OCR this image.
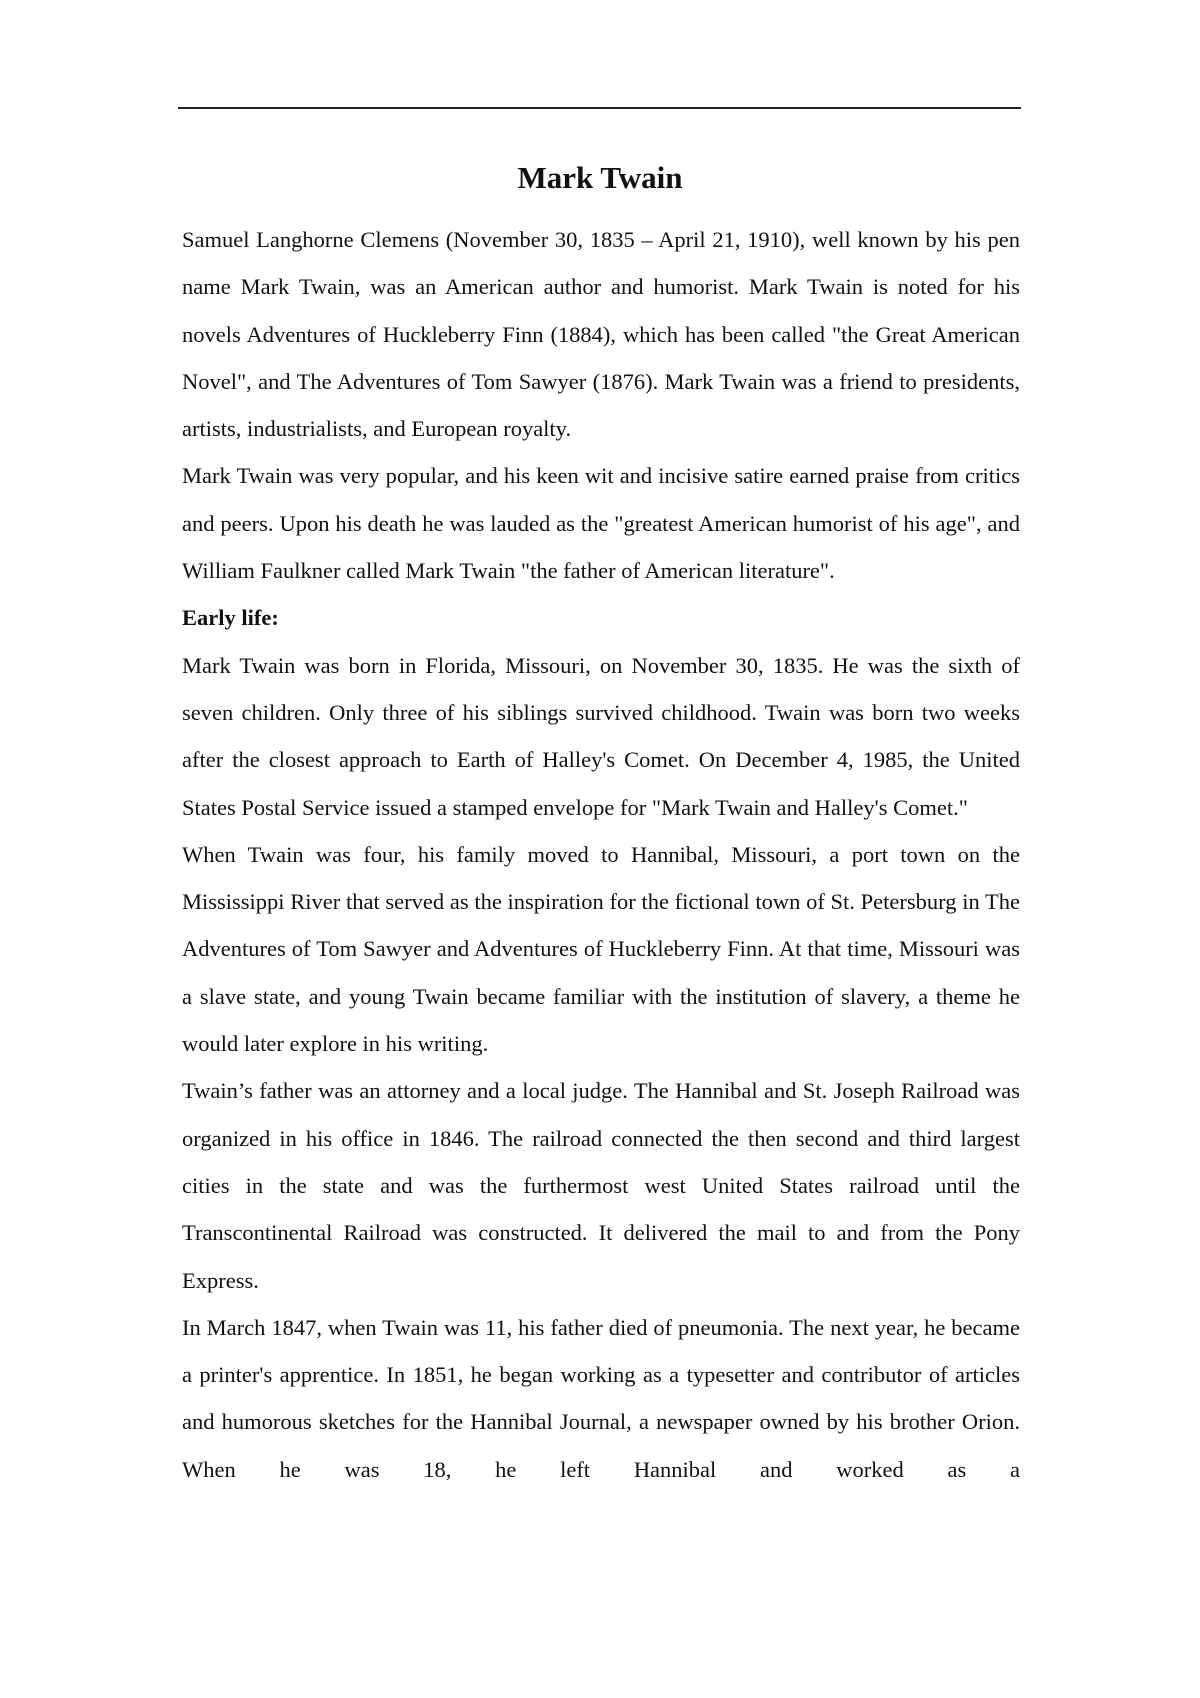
Mark Twain

Samuel Langhorne Clemens (November 30, 1835 – April 21, 1910), well known by his pen name Mark Twain, was an American author and humorist. Mark Twain is noted for his novels Adventures of Huckleberry Finn (1884), which has been called "the Great American Novel", and The Adventures of Tom Sawyer (1876). Mark Twain was a friend to presidents, artists, industrialists, and European royalty.

Mark Twain was very popular, and his keen wit and incisive satire earned praise from critics and peers. Upon his death he was lauded as the "greatest American humorist of his age", and William Faulkner called Mark Twain "the father of American literature".

Early life:

Mark Twain was born in Florida, Missouri, on November 30, 1835. He was the sixth of seven children. Only three of his siblings survived childhood. Twain was born two weeks after the closest approach to Earth of Halley's Comet. On December 4, 1985, the United States Postal Service issued a stamped envelope for "Mark Twain and Halley's Comet."

When Twain was four, his family moved to Hannibal, Missouri, a port town on the Mississippi River that served as the inspiration for the fictional town of St. Petersburg in The Adventures of Tom Sawyer and Adventures of Huckleberry Finn. At that time, Missouri was a slave state, and young Twain became familiar with the institution of slavery, a theme he would later explore in his writing.

Twain’s father was an attorney and a local judge. The Hannibal and St. Joseph Railroad was organized in his office in 1846. The railroad connected the then second and third largest cities in the state and was the furthermost west United States railroad until the Transcontinental Railroad was constructed. It delivered the mail to and from the Pony Express.

In March 1847, when Twain was 11, his father died of pneumonia. The next year, he became a printer's apprentice. In 1851, he began working as a typesetter and contributor of articles and humorous sketches for the Hannibal Journal, a newspaper owned by his brother Orion. When he was 18, he left Hannibal and worked as a
